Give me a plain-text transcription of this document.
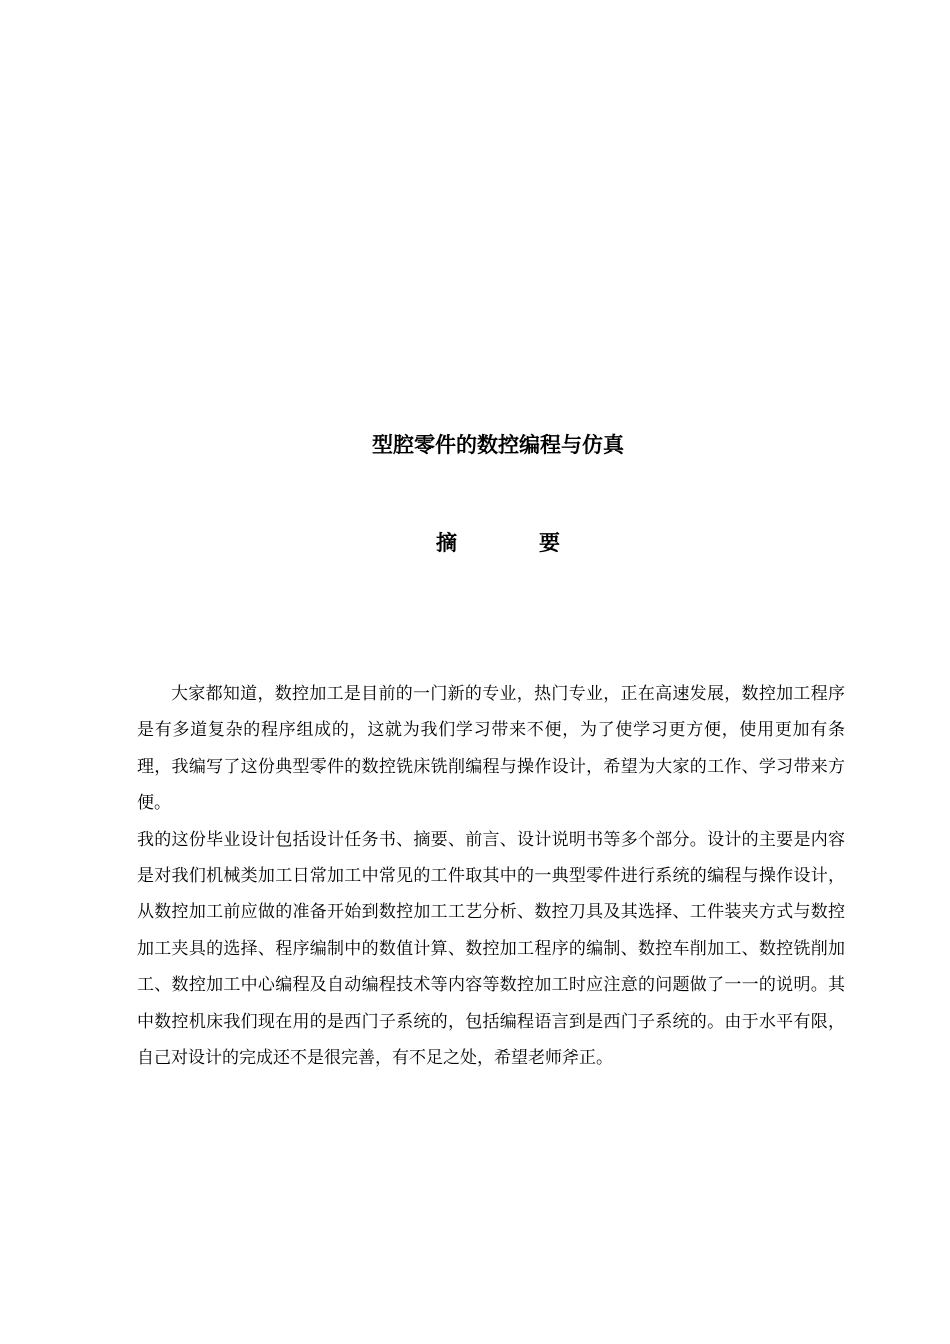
型腔零件的数控编程与仿真
摘	要

大家都知道，数控加工是目前的一门新的专业，热门专业，正在高速发展，数控加工程序是有多道复杂的程序组成的，这就为我们学习带来不便，为了使学习更方便，使用更加有条理，我编写了这份典型零件的数控铣床铣削编程与操作设计，希望为大家的工作、学习带来方便。

我的这份毕业设计包括设计任务书、摘要、前言、设计说明书等多个部分。设计的主要是内容是对我们机械类加工日常加工中常见的工件取其中的一典型零件进行系统的编程与操作设计，从数控加工前应做的准备开始到数控加工工艺分析、数控刀具及其选择、工件装夹方式与数控加工夹具的选择、程序编制中的数值计算、数控加工程序的编制、数控车削加工、数控铣削加工、数控加工中心编程及自动编程技术等内容等数控加工时应注意的问题做了一一的说明。其中数控机床我们现在用的是西门子系统的，包括编程语言到是西门子系统的。由于水平有限，自己对设计的完成还不是很完善，有不足之处，希望老师斧正。
